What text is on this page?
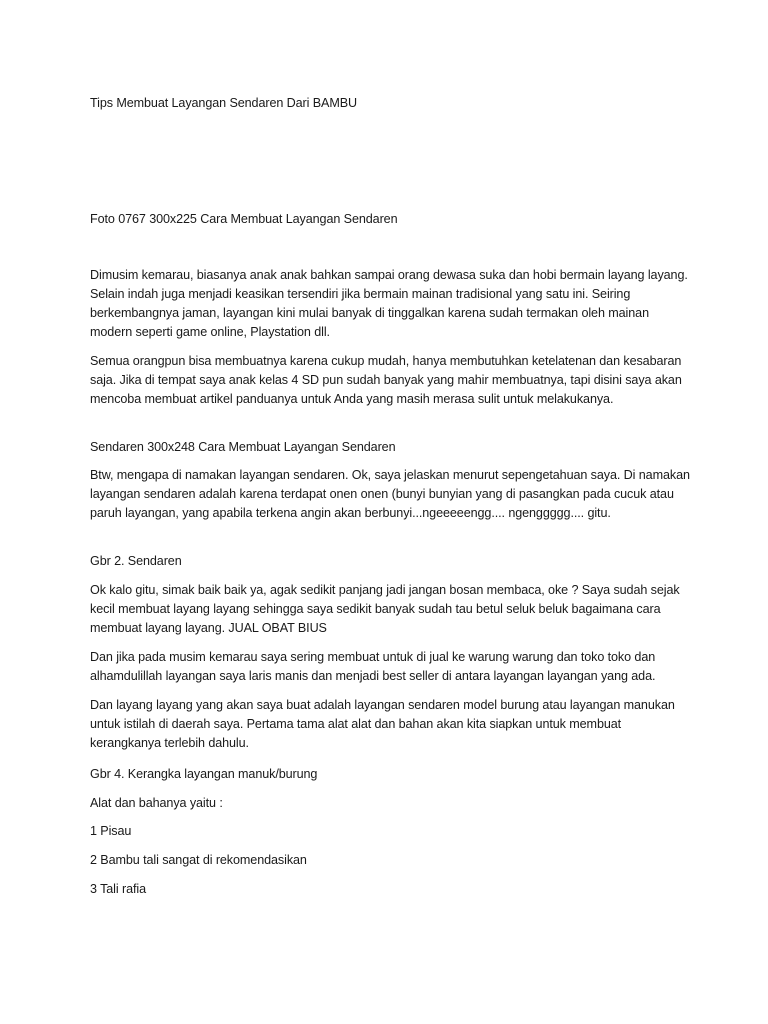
Tips Membuat Layangan Sendaren Dari BAMBU

Foto 0767 300x225 Cara Membuat Layangan Sendaren

Dimusim kemarau, biasanya anak anak bahkan sampai orang dewasa suka dan hobi bermain layang layang. Selain indah juga menjadi keasikan tersendiri jika bermain mainan tradisional yang satu ini. Seiring berkembangnya jaman, layangan kini mulai banyak di tinggalkan karena sudah termakan oleh mainan modern seperti game online, Playstation dll.

Semua orangpun bisa membuatnya karena cukup mudah, hanya membutuhkan ketelatenan dan kesabaran saja. Jika di tempat saya anak kelas 4 SD pun sudah banyak yang mahir membuatnya, tapi disini saya akan mencoba membuat artikel panduanya untuk Anda yang masih merasa sulit untuk melakukanya.

Sendaren 300x248 Cara Membuat Layangan Sendaren

Btw, mengapa di namakan layangan sendaren. Ok, saya jelaskan menurut sepengetahuan saya. Di namakan layangan sendaren adalah karena terdapat onen onen (bunyi bunyian yang di pasangkan pada cucuk atau paruh layangan, yang apabila terkena angin akan berbunyi...ngeeeeengg.... ngenggggg.... gitu.

Gbr 2. Sendaren

Ok kalo gitu, simak baik baik ya, agak sedikit panjang jadi jangan bosan membaca, oke ? Saya sudah sejak kecil membuat layang layang sehingga saya sedikit banyak sudah tau betul seluk beluk bagaimana cara membuat layang layang. JUAL OBAT BIUS

Dan jika pada musim kemarau saya sering membuat untuk di jual ke warung warung dan toko toko dan alhamdulillah layangan saya laris manis dan menjadi best seller di antara layangan layangan yang ada.

Dan layang layang yang akan saya buat adalah layangan sendaren model burung atau layangan manukan untuk istilah di daerah saya. Pertama tama alat alat dan bahan akan kita siapkan untuk membuat kerangkanya terlebih dahulu.

Gbr 4. Kerangka layangan manuk/burung

Alat dan bahanya yaitu :

1 Pisau

2 Bambu tali sangat di rekomendasikan

3 Tali rafia
